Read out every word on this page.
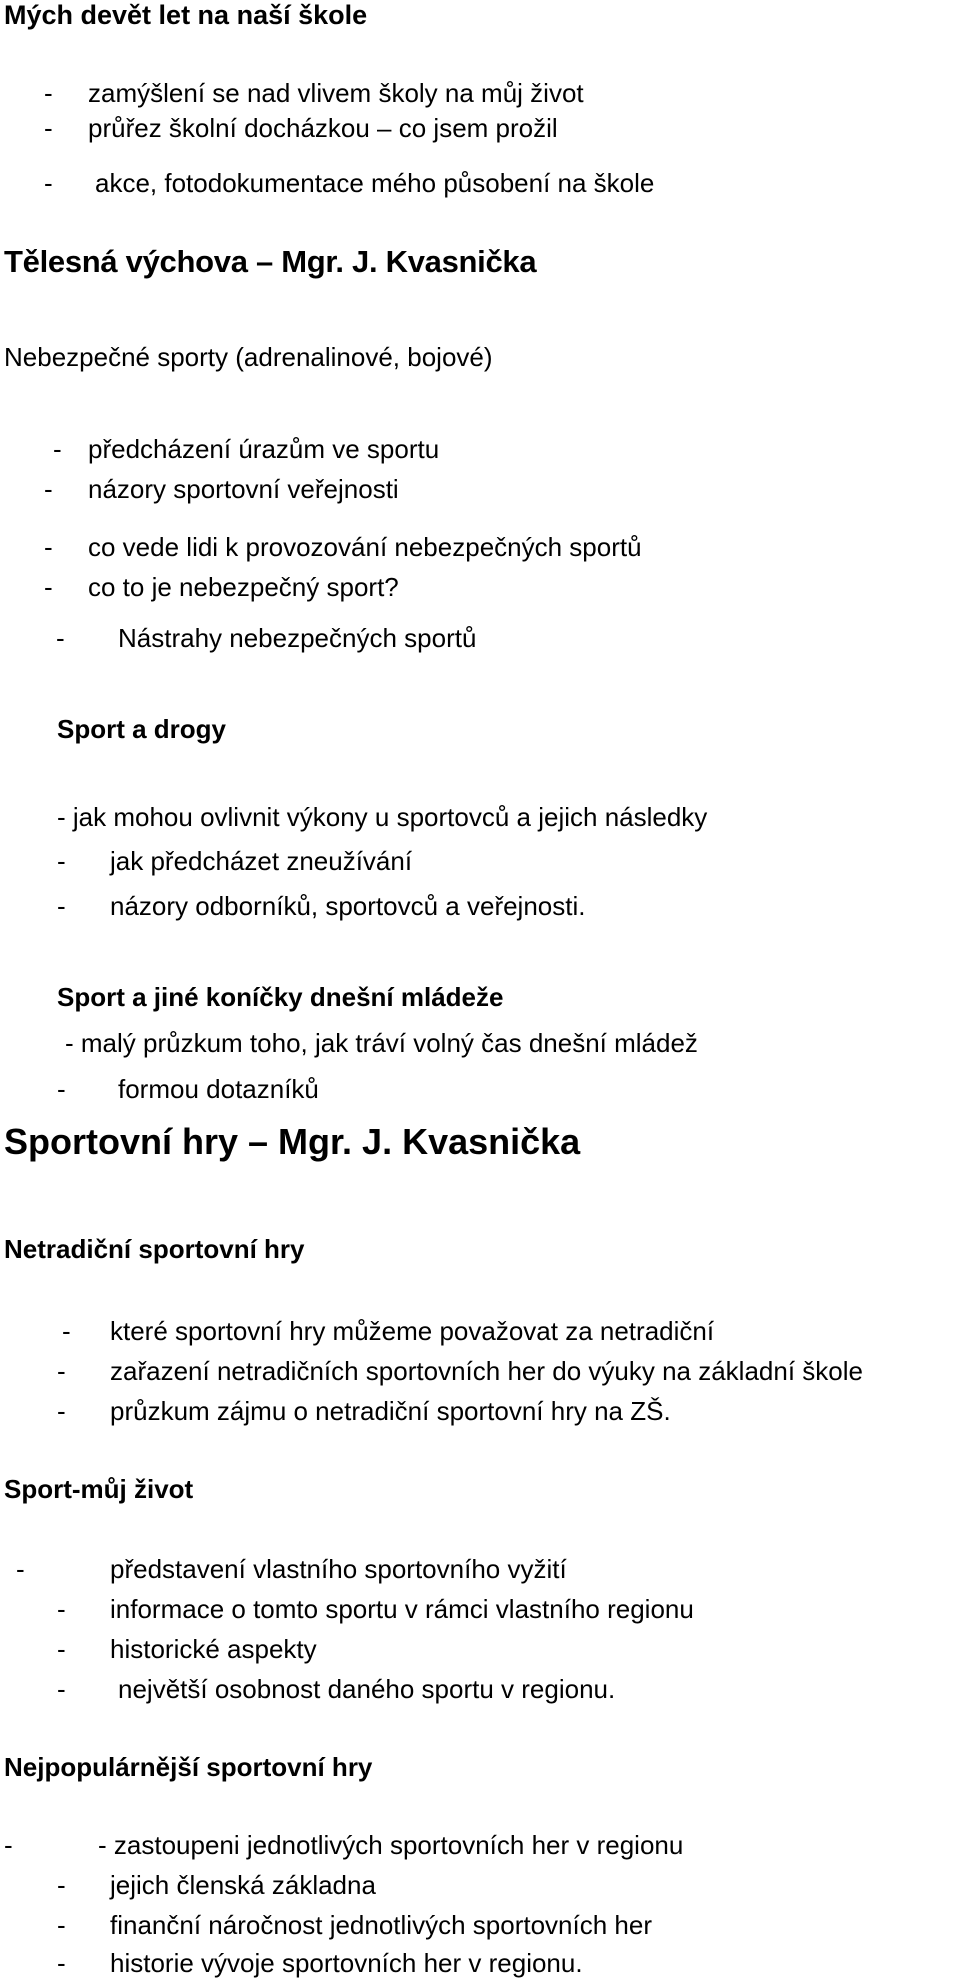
Mých devět let na naší škole
- zamýšlení se nad vlivem školy na můj život
- průřez školní docházkou – co jsem prožil
- akce, fotodokumentace mého působení na škole
Tělesná výchova – Mgr. J. Kvasnička
Nebezpečné sporty (adrenalinové, bojové)
- předcházení úrazům ve sportu
- názory sportovní veřejnosti
- co vede lidi k provozování nebezpečných sportů
- co to je nebezpečný sport?
- Nástrahy nebezpečných sportů
Sport a drogy
- jak mohou ovlivnit výkony u sportovců a jejich následky
- jak předcházet zneužívání
- názory odborníků, sportovců a veřejnosti.
Sport a jiné koníčky dnešní mládeže
- malý průzkum toho, jak tráví volný čas dnešní mládež
- formou dotazníků
Sportovní hry – Mgr. J. Kvasnička
Netradiční sportovní hry
- které sportovní hry můžeme považovat za netradiční
- zařazení netradičních sportovních her do výuky na základní škole
- průzkum zájmu o netradiční sportovní hry na ZŠ.
Sport-můj život
-	představení vlastního sportovního vyžití
- informace o tomto sportu v rámci vlastního regionu
- historické aspekty
- největší osobnost daného sportu v regionu.
Nejpopulárnější sportovní hry
-	- zastoupeni jednotlivých sportovních her v regionu
- jejich členská základna
- finanční náročnost jednotlivých sportovních her
- historie vývoje sportovních her v regionu.
